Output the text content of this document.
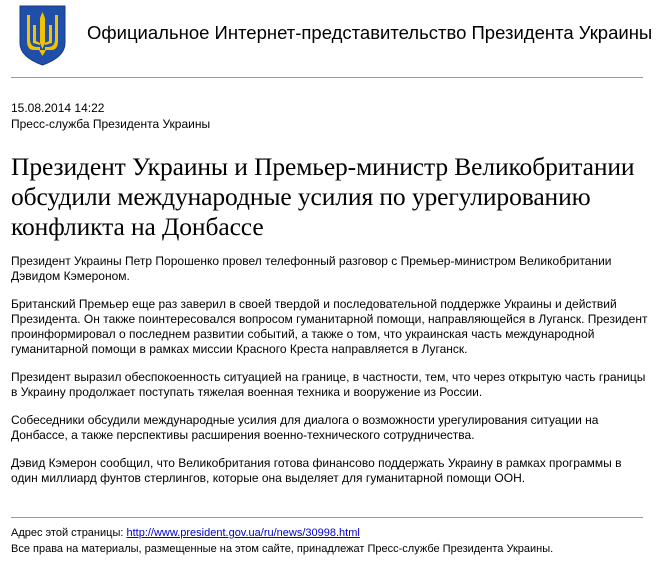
Официальное Интернет-представительство Президента Украины
15.08.2014 14:22
Пресс-служба Президента Украины
Президент Украины и Премьер-министр Великобритании обсудили международные усилия по урегулированию конфликта на Донбассе

Президент Украины Петр Порошенко провел телефонный разговор с Премьер-министром Великобритании Дэвидом Кэмероном.

Британский Премьер еще раз заверил в своей твердой и последовательной поддержке Украины и действий Президента. Он также поинтересовался вопросом гуманитарной помощи, направляющейся в Луганск. Президент проинформировал о последнем развитии событий, а также о том, что украинская часть международной гуманитарной помощи в рамках миссии Красного Креста направляется в Луганск.

Президент выразил обеспокоенность ситуацией на границе, в частности, тем, что через открытую часть границы в Украину продолжает поступать тяжелая военная техника и вооружение из России.

Собеседники обсудили международные усилия для диалога о возможности урегулирования ситуации на Донбассе, а также перспективы расширения военно-технического сотрудничества.

Дэвид Кэмерон сообщил, что Великобритания готова финансово поддержать Украину в рамках программы в один миллиард фунтов стерлингов, которые она выделяет для гуманитарной помощи ООН.

Адрес этой страницы: http://www.president.gov.ua/ru/news/30998.html
Все права на материалы, размещенные на этом сайте, принадлежат Пресс-службе Президента Украины.
